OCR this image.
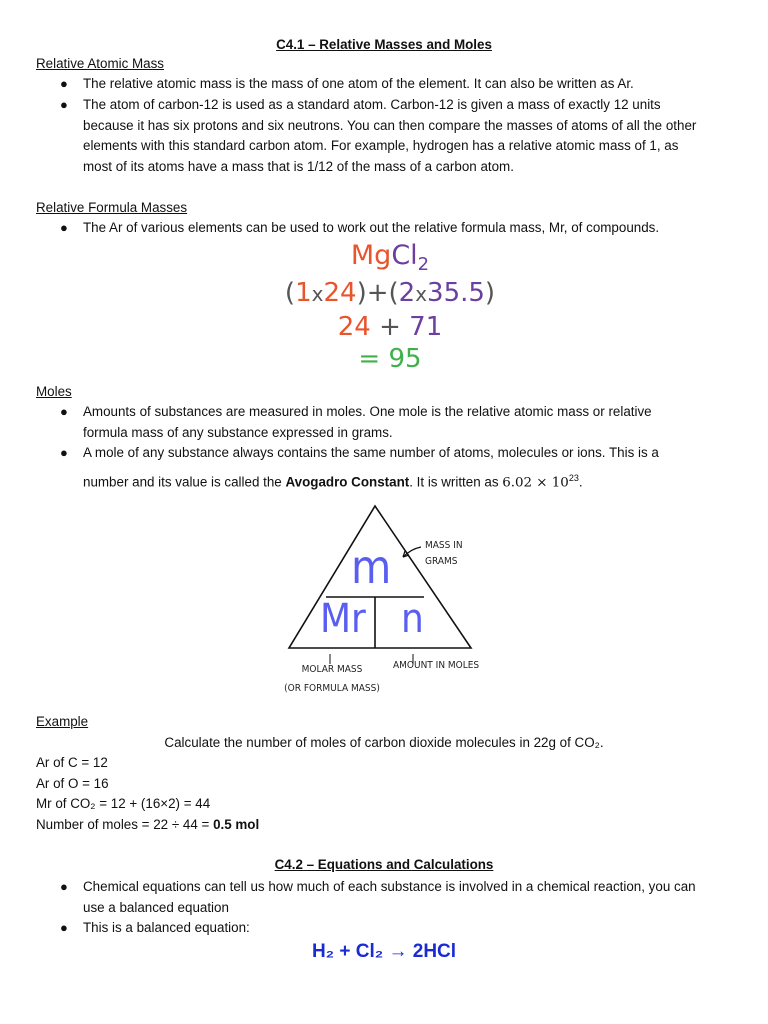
C4.1 – Relative Masses and Moles
Relative Atomic Mass
● The relative atomic mass is the mass of one atom of the element. It can also be written as Ar.
● The atom of carbon-12 is used as a standard atom. Carbon-12 is given a mass of exactly 12 units
because it has six protons and six neutrons. You can then compare the masses of atoms of all the other
elements with this standard carbon atom. For example, hydrogen has a relative atomic mass of 1, as
most of its atoms have a mass that is 1/12 of the mass of a carbon atom.
Relative Formula Masses
● The Ar of various elements can be used to work out the relative formula mass, Mr, of compounds.
MgCl$_2$
(1x24)+(2x35.5)
24 + 71
= 95
Moles
● Amounts of substances are measured in moles. One mole is the relative atomic mass or relative
formula mass of any substance expressed in grams.
● A mole of any substance always contains the same number of atoms, molecules or ions. This is a
number and its value is called the Avogadro Constant. It is written as $6.02 \times 10^{23}$.
m
Mr n
MASS IN
GRAMS
MOLAR MASS
(OR FORMULA MASS)
AMOUNT IN MOLES
Example
Calculate the number of moles of carbon dioxide molecules in 22g of CO₂.
Ar of C = 12
Ar of O = 16
Mr of CO₂ = 12 + (16×2) = 44
Number of moles = 22 ÷ 44 = 0.5 mol
C4.2 – Equations and Calculations
● Chemical equations can tell us how much of each substance is involved in a chemical reaction, you can
use a balanced equation
● This is a balanced equation:
H₂ + Cl₂ → 2HCl
